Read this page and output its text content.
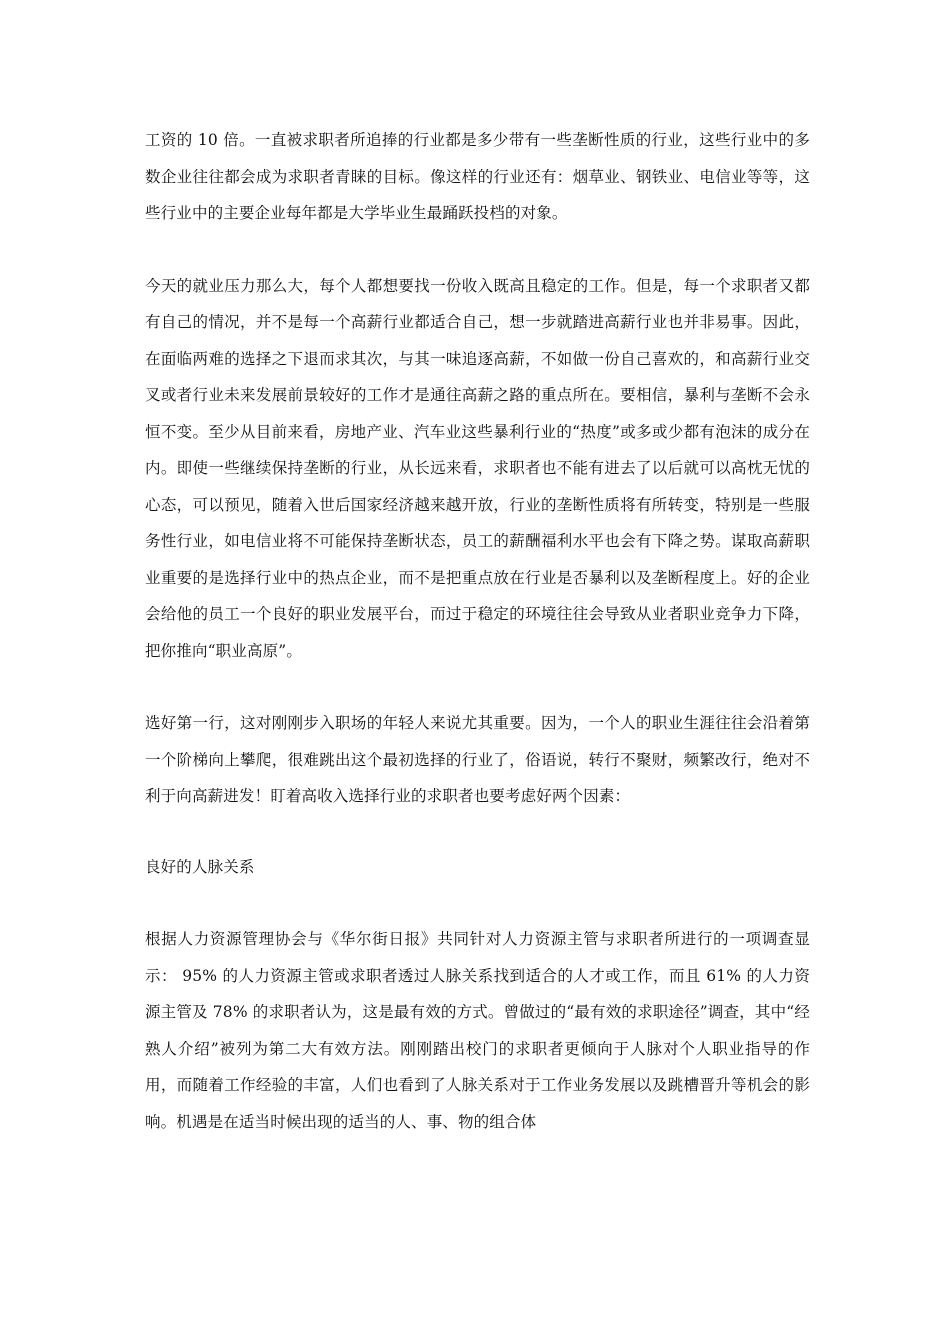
工资的 10 倍。一直被求职者所追捧的行业都是多少带有一些垄断性质的行业，这些行业中的多数企业往往都会成为求职者青睐的目标。像这样的行业还有：烟草业、钢铁业、电信业等等，这些行业中的主要企业每年都是大学毕业生最踊跃投档的对象。

今天的就业压力那么大，每个人都想要找一份收入既高且稳定的工作。但是，每一个求职者又都有自己的情况，并不是每一个高薪行业都适合自己，想一步就踏进高薪行业也并非易事。因此，在面临两难的选择之下退而求其次，与其一味追逐高薪，不如做一份自己喜欢的，和高薪行业交叉或者行业未来发展前景较好的工作才是通往高薪之路的重点所在。要相信，暴利与垄断不会永恒不变。至少从目前来看，房地产业、汽车业这些暴利行业的“热度”或多或少都有泡沫的成分在内。即使一些继续保持垄断的行业，从长远来看，求职者也不能有进去了以后就可以高枕无忧的心态，可以预见，随着入世后国家经济越来越开放，行业的垄断性质将有所转变，特别是一些服务性行业，如电信业将不可能保持垄断状态，员工的薪酬福利水平也会有下降之势。谋取高薪职业重要的是选择行业中的热点企业，而不是把重点放在行业是否暴利以及垄断程度上。好的企业会给他的员工一个良好的职业发展平台，而过于稳定的环境往往会导致从业者职业竞争力下降，把你推向“职业高原”。

选好第一行，这对刚刚步入职场的年轻人来说尤其重要。因为，一个人的职业生涯往往会沿着第一个阶梯向上攀爬，很难跳出这个最初选择的行业了，俗语说，转行不聚财，频繁改行，绝对不利于向高薪进发！盯着高收入选择行业的求职者也要考虑好两个因素：

良好的人脉关系

根据人力资源管理协会与《华尔街日报》共同针对人力资源主管与求职者所进行的一项调查显示： 95% 的人力资源主管或求职者透过人脉关系找到适合的人才或工作，而且 61% 的人力资源主管及 78% 的求职者认为，这是最有效的方式。曾做过的“最有效的求职途径”调查，其中“经熟人介绍”被列为第二大有效方法。刚刚踏出校门的求职者更倾向于人脉对个人职业指导的作用，而随着工作经验的丰富，人们也看到了人脉关系对于工作业务发展以及跳槽晋升等机会的影响。机遇是在适当时候出现的适当的人、事、物的组合体
